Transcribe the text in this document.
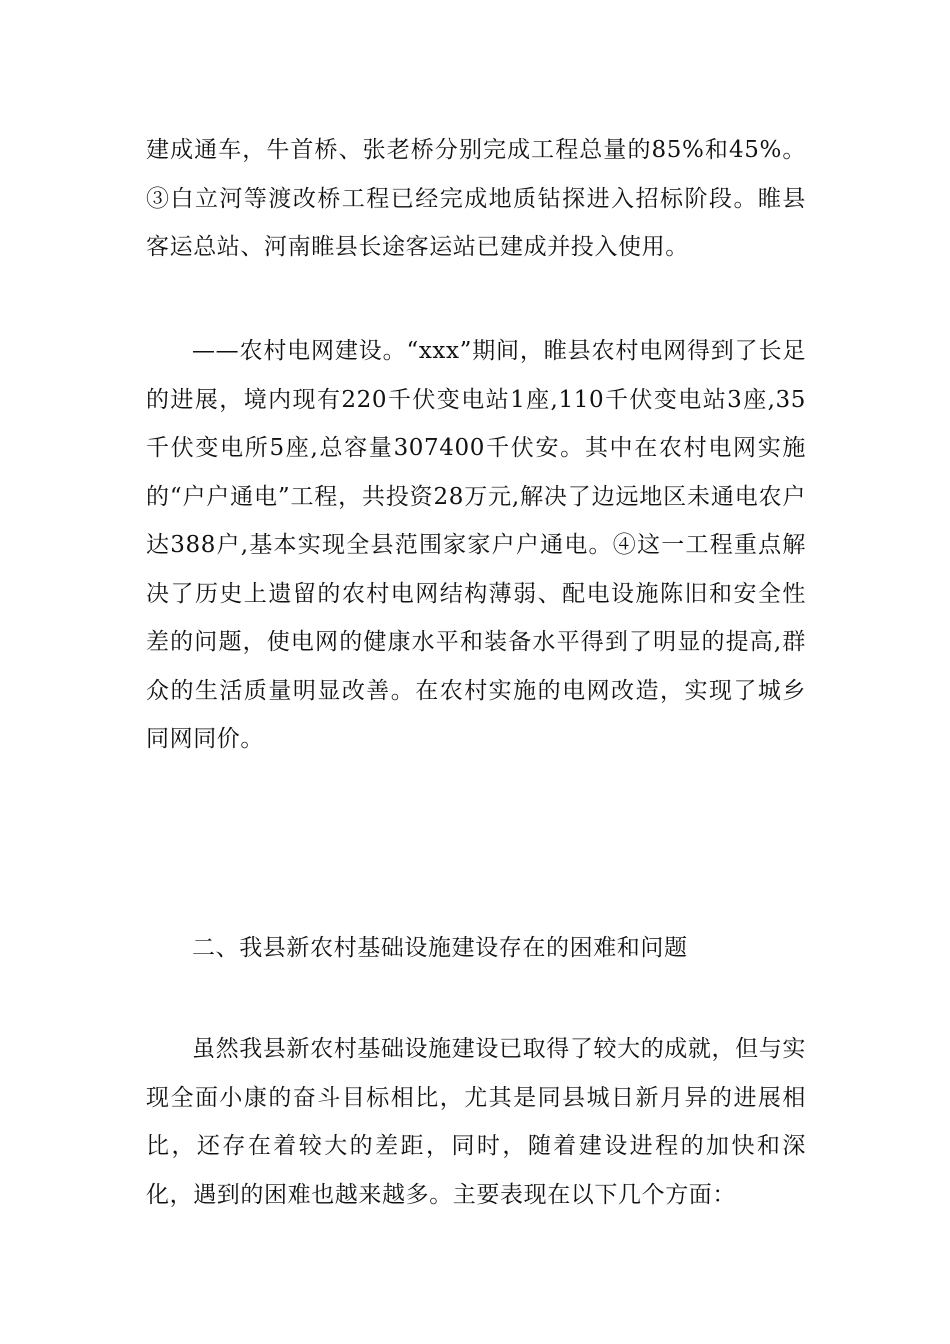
建成通车，牛首桥、张老桥分别完成工程总量的85%和45%。③白立河等渡改桥工程已经完成地质钻探进入招标阶段。睢县客运总站、河南睢县长途客运站已建成并投入使用。

——农村电网建设。“xxx”期间，睢县农村电网得到了长足的进展，境内现有220千伏变电站1座,110千伏变电站3座,35千伏变电所5座,总容量307400千伏安。其中在农村电网实施的“户户通电”工程，共投资28万元,解决了边远地区未通电农户达388户,基本实现全县范围家家户户通电。④这一工程重点解决了历史上遗留的农村电网结构薄弱、配电设施陈旧和安全性差的问题，使电网的健康水平和装备水平得到了明显的提高,群众的生活质量明显改善。在农村实施的电网改造，实现了城乡同网同价。

二、我县新农村基础设施建设存在的困难和问题

虽然我县新农村基础设施建设已取得了较大的成就，但与实现全面小康的奋斗目标相比，尤其是同县城日新月异的进展相比，还存在着较大的差距，同时，随着建设进程的加快和深化，遇到的困难也越来越多。主要表现在以下几个方面：
